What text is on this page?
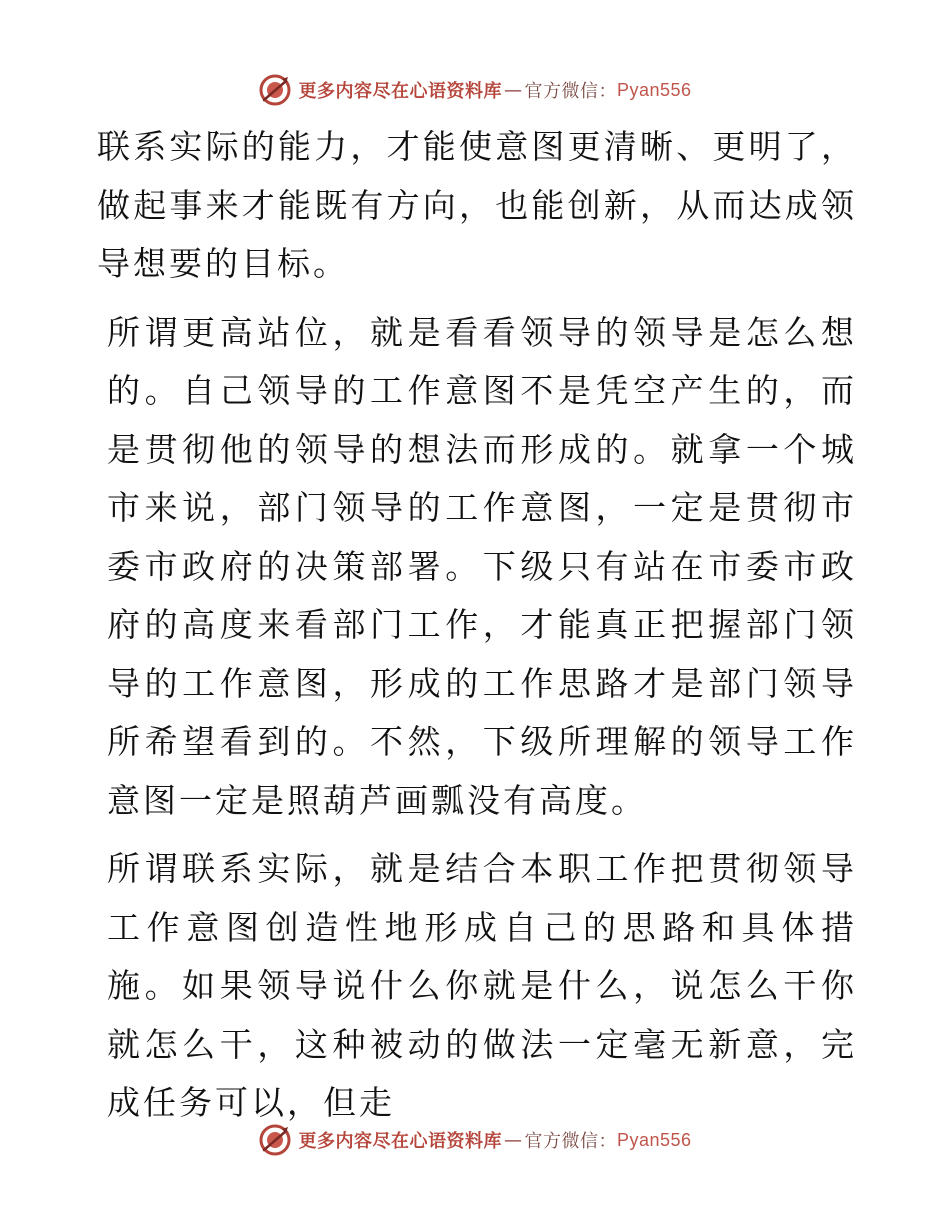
更多内容尽在心语资料库 — 官方微信： Pyan556

联系实际的能力，才能使意图更清晰、更明了，做起事来才能既有方向，也能创新，从而达成领导想要的目标。

所谓更高站位，就是看看领导的领导是怎么想的。自己领导的工作意图不是凭空产生的，而是贯彻他的领导的想法而形成的。就拿一个城市来说，部门领导的工作意图，一定是贯彻市委市政府的决策部署。下级只有站在市委市政府的高度来看部门工作，才能真正把握部门领导的工作意图，形成的工作思路才是部门领导所希望看到的。不然，下级所理解的领导工作意图一定是照葫芦画瓢没有高度。

所谓联系实际，就是结合本职工作把贯彻领导工作意图创造性地形成自己的思路和具体措施。如果领导说什么你就是什么，说怎么干你就怎么干，这种被动的做法一定毫无新意，完成任务可以，但走

更多内容尽在心语资料库 — 官方微信： Pyan556
